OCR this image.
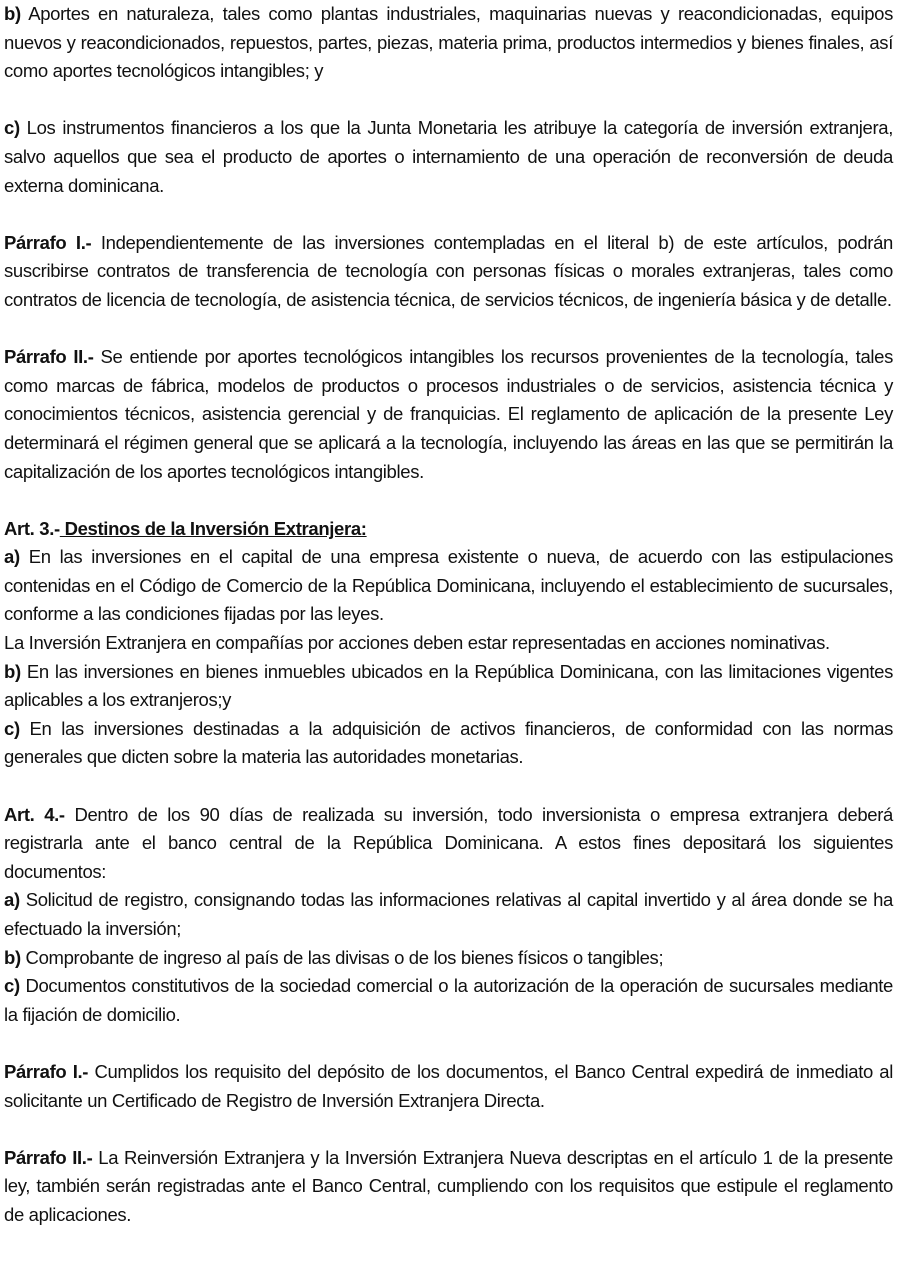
b) Aportes en naturaleza, tales como plantas industriales, maquinarias nuevas y reacondicionadas, equipos nuevos y reacondicionados, repuestos, partes, piezas, materia prima, productos intermedios y bienes finales, así como aportes tecnológicos intangibles; y

c) Los instrumentos financieros a los que la Junta Monetaria les atribuye la categoría de inversión extranjera, salvo aquellos que sea el producto de aportes o internamiento de una operación de reconversión de deuda externa dominicana.

Párrafo I.- Independientemente de las inversiones contempladas en el literal b) de este artículos, podrán suscribirse contratos de transferencia de tecnología con personas físicas o morales extranjeras, tales como contratos de licencia de tecnología, de asistencia técnica, de servicios técnicos, de ingeniería básica y de detalle.

Párrafo II.- Se entiende por aportes tecnológicos intangibles los recursos provenientes de la tecnología, tales como marcas de fábrica, modelos de productos o procesos industriales o de servicios, asistencia técnica y conocimientos técnicos, asistencia gerencial y de franquicias. El reglamento de aplicación de la presente Ley determinará el régimen general que se aplicará a la tecnología, incluyendo las áreas en las que se permitirán la capitalización de los aportes tecnológicos intangibles.

Art. 3.- Destinos de la Inversión Extranjera:

a) En las inversiones en el capital de una empresa existente o nueva, de acuerdo con las estipulaciones contenidas en el Código de Comercio de la República Dominicana, incluyendo el establecimiento de sucursales, conforme a las condiciones fijadas por las leyes.

La Inversión Extranjera en compañías por acciones deben estar representadas en acciones nominativas.

b) En las inversiones en bienes inmuebles ubicados en la República Dominicana, con las limitaciones vigentes aplicables a los extranjeros;y

c) En las inversiones destinadas a la adquisición de activos financieros, de conformidad con las normas generales que dicten sobre la materia las autoridades monetarias.

Art. 4.- Dentro de los 90 días de realizada su inversión, todo inversionista o empresa extranjera deberá registrarla ante el banco central de la República Dominicana. A estos fines depositará los siguientes documentos:

a) Solicitud de registro, consignando todas las informaciones relativas al capital invertido y al área donde se ha efectuado la inversión;

b) Comprobante de ingreso al país de las divisas o de los bienes físicos o tangibles;

c) Documentos constitutivos de la sociedad comercial o la autorización de la operación de sucursales mediante la fijación de domicilio.

Párrafo I.- Cumplidos los requisito del depósito de los documentos, el Banco Central expedirá de inmediato al solicitante un Certificado de Registro de Inversión Extranjera Directa.

Párrafo II.- La Reinversión Extranjera y la Inversión Extranjera Nueva descriptas en el artículo 1 de la presente ley, también serán registradas ante el Banco Central, cumpliendo con los requisitos que estipule el reglamento de aplicaciones.
